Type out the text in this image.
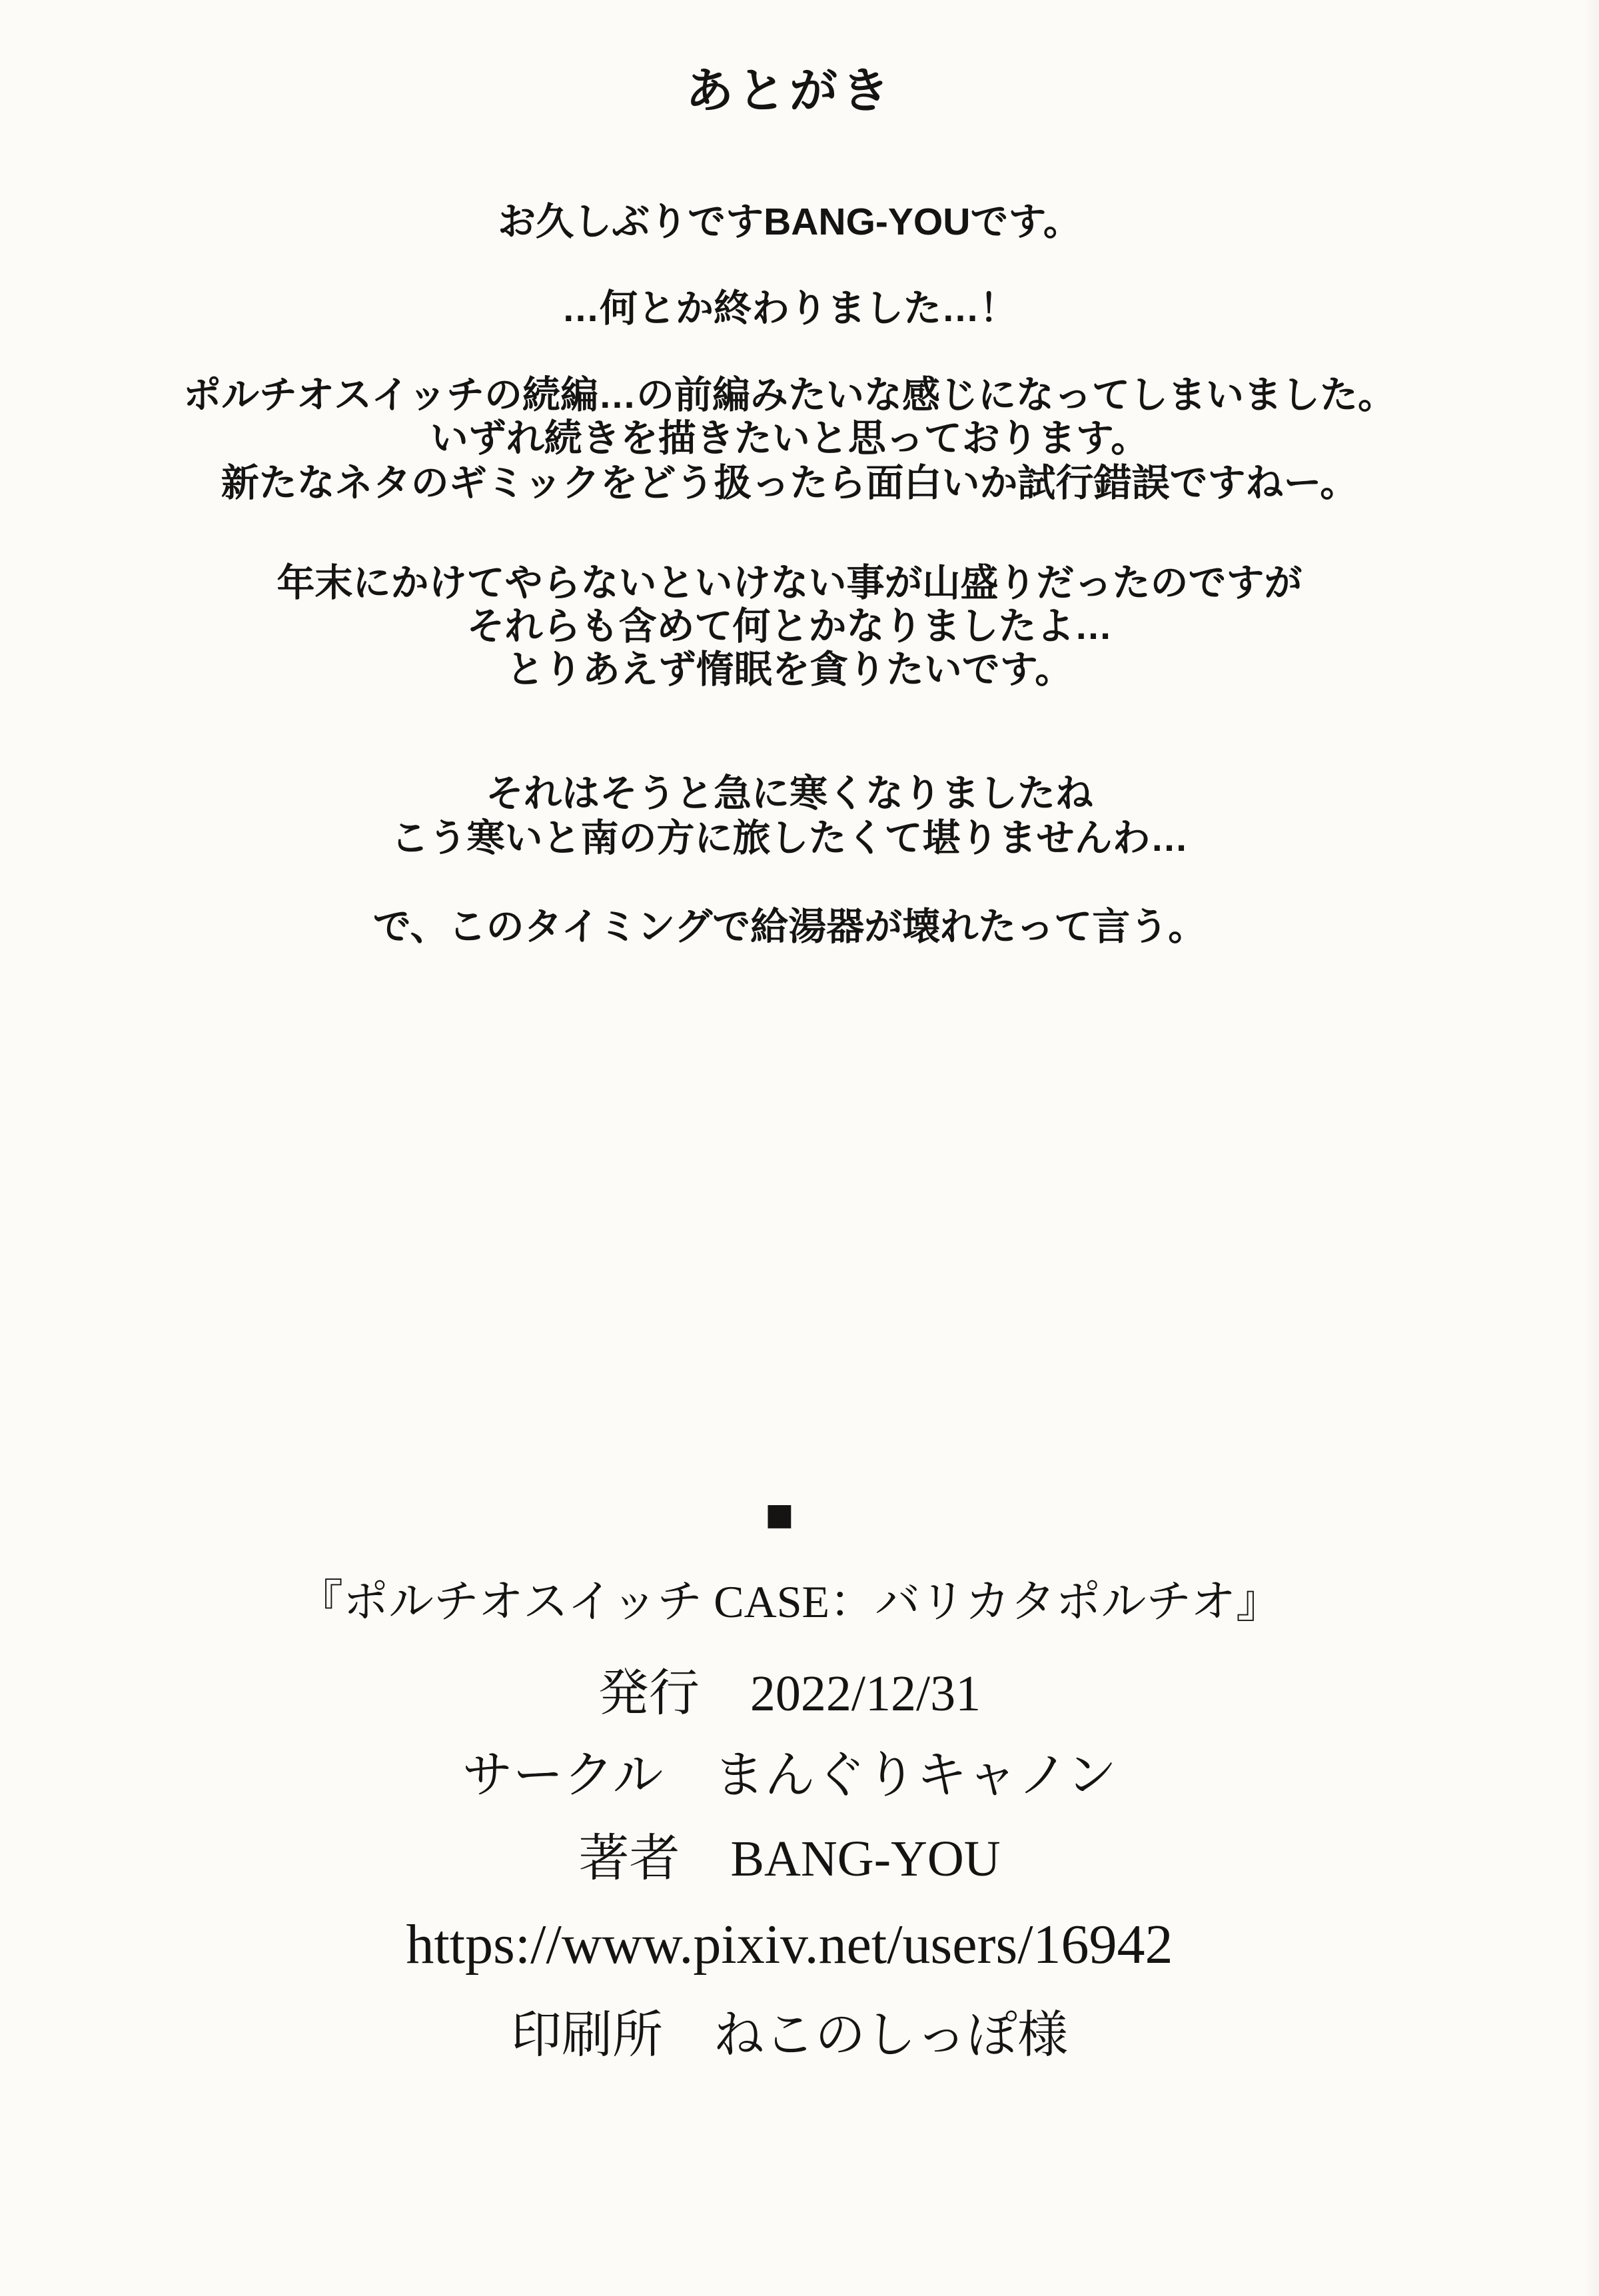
あとがき
お久しぶりですBANG-YOUです。
…何とか終わりました…！
ポルチオスイッチの続編…の前編みたいな感じになってしまいました。
いずれ続きを描きたいと思っております。
新たなネタのギミックをどう扱ったら面白いか試行錯誤ですねー。
年末にかけてやらないといけない事が山盛りだったのですが
それらも含めて何とかなりましたよ…
とりあえず惰眠を貪りたいです。
それはそうと急に寒くなりましたね
こう寒いと南の方に旅したくて堪りませんわ…
で、このタイミングで給湯器が壊れたって言う。
■
『ポルチオスイッチ CASE：バリカタポルチオ』
発行　2022/12/31
サークル　まんぐりキャノン
著者　BANG-YOU
https://www.pixiv.net/users/16942
印刷所　ねこのしっぽ様
